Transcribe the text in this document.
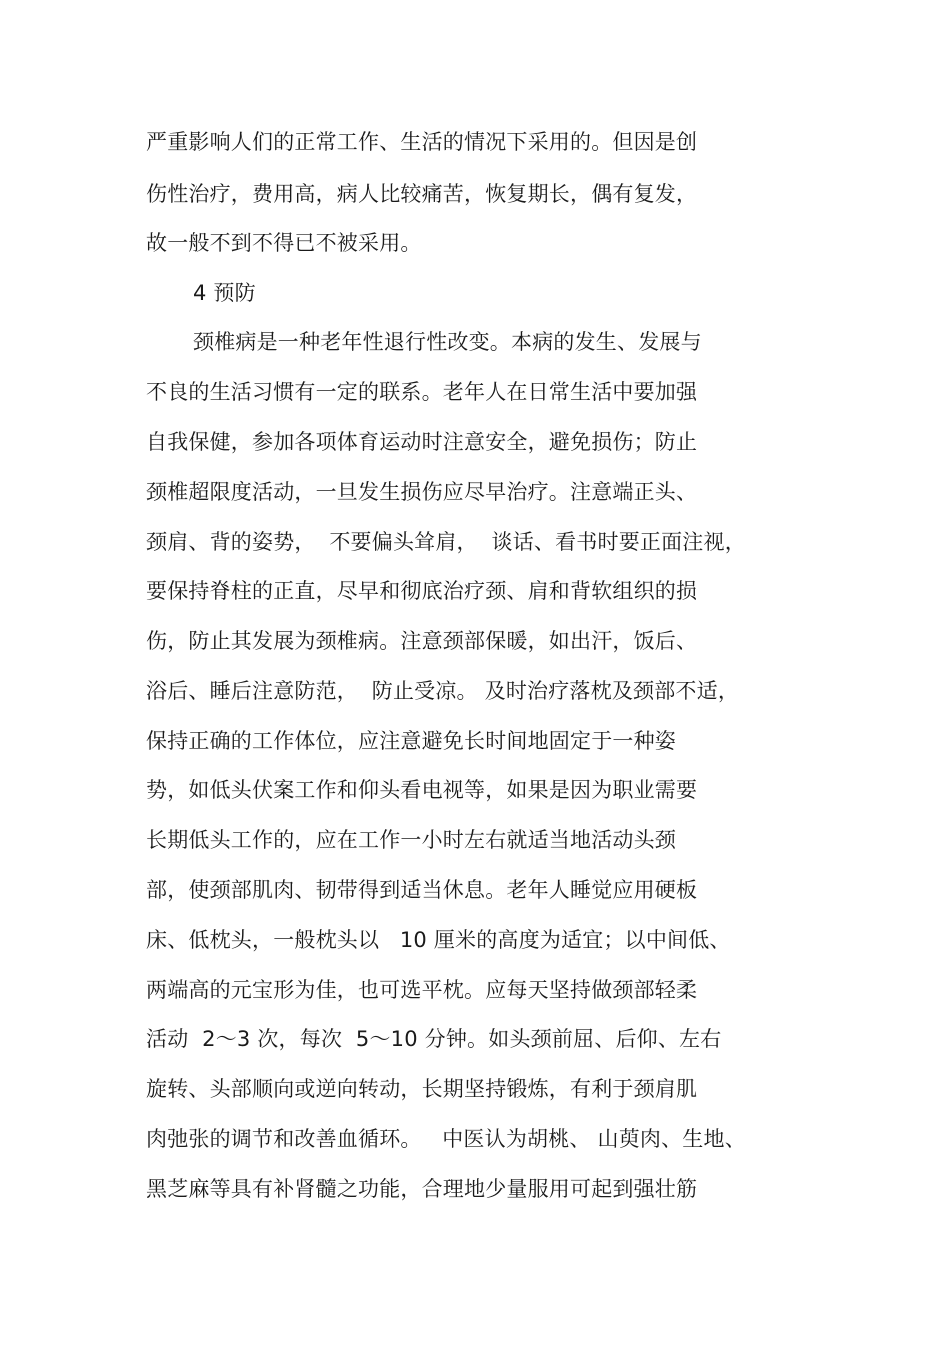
严重影响人们的正常工作、生活的情况下采用的。但因是创
伤性治疗，费用高，病人比较痛苦，恢复期长，偶有复发，
故一般不到不得已不被采用。
4 预防
颈椎病是一种老年性退行性改变。本病的发生、发展与
不良的生活习惯有一定的联系。老年人在日常生活中要加强
自我保健，参加各项体育运动时注意安全，避免损伤；防止
颈椎超限度活动，一旦发生损伤应尽早治疗。注意端正头、
颈肩、背的姿势，  不要偏头耸肩，  谈话、看书时要正面注视，
要保持脊柱的正直，尽早和彻底治疗颈、肩和背软组织的损
伤，防止其发展为颈椎病。注意颈部保暖，如出汗，饭后、
浴后、睡后注意防范，  防止受凉。 及时治疗落枕及颈部不适，
保持正确的工作体位，应注意避免长时间地固定于一种姿
势，如低头伏案工作和仰头看电视等，如果是因为职业需要
长期低头工作的，应在工作一小时左右就适当地活动头颈
部，使颈部肌肉、韧带得到适当休息。老年人睡觉应用硬板
床、低枕头，一般枕头以   10 厘米的高度为适宜；以中间低、
两端高的元宝形为佳，也可选平枕。应每天坚持做颈部轻柔
活动  2～3 次，每次  5～10 分钟。如头颈前屈、后仰、左右
旋转、头部顺向或逆向转动，长期坚持锻炼，有利于颈肩肌
肉弛张的调节和改善血循环。   中医认为胡桃、 山萸肉、生地、
黑芝麻等具有补肾髓之功能，合理地少量服用可起到强壮筋
